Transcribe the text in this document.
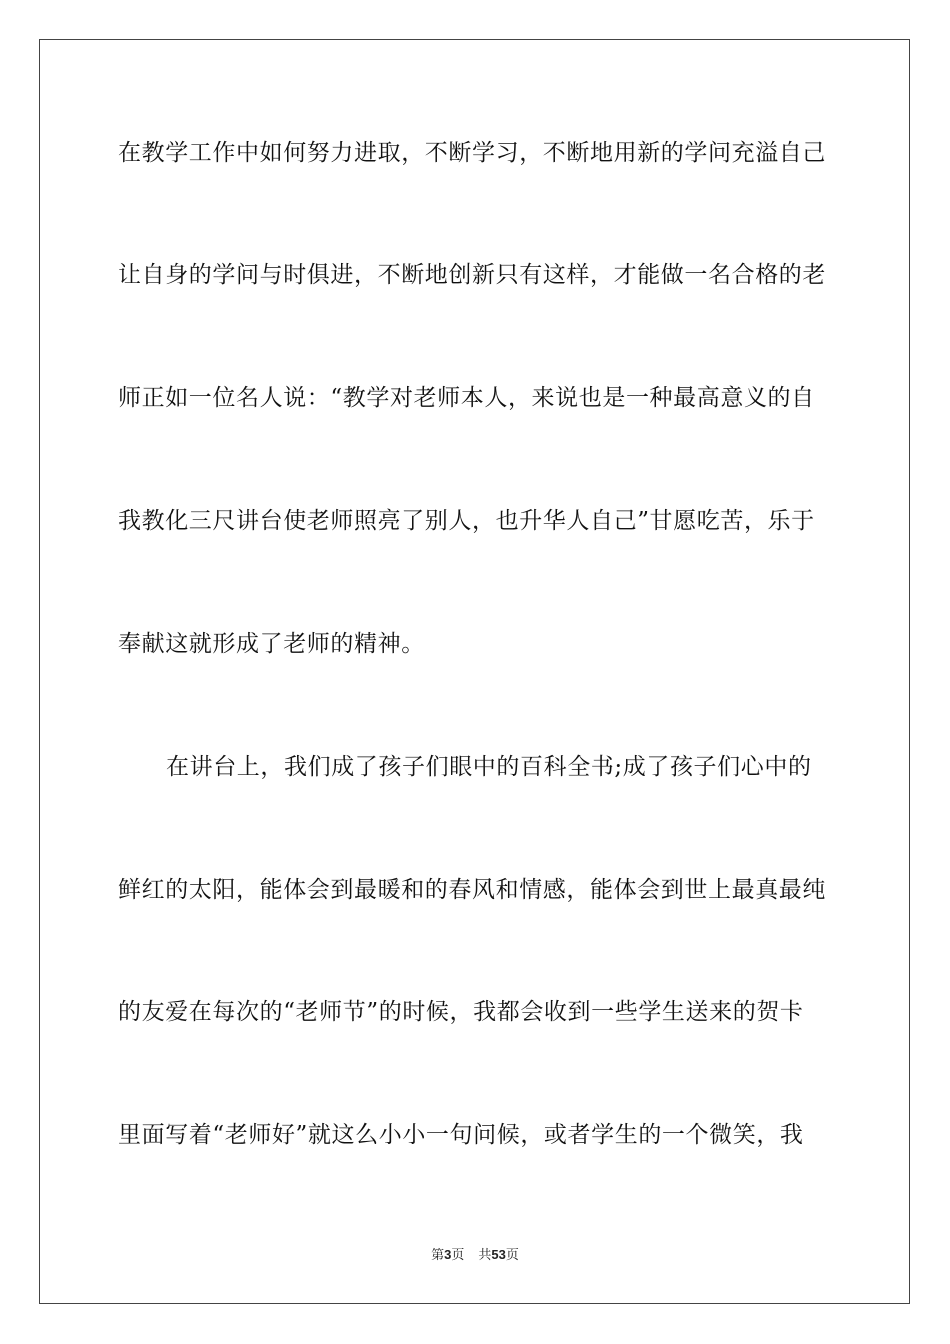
在教学工作中如何努力进取，不断学习，不断地用新的学问充溢自己
让自身的学问与时俱进，不断地创新只有这样，才能做一名合格的老
师正如一位名人说：“教学对老师本人，来说也是一种最高意义的自
我教化三尺讲台使老师照亮了别人，也升华人自己”甘愿吃苦，乐于
奉献这就形成了老师的精神。
在讲台上，我们成了孩子们眼中的百科全书;成了孩子们心中的
鲜红的太阳，能体会到最暖和的春风和情感，能体会到世上最真最纯
的友爱在每次的“老师节”的时候，我都会收到一些学生送来的贺卡
里面写着“老师好”就这么小小一句问候，或者学生的一个微笑，我
第3页 共53页
